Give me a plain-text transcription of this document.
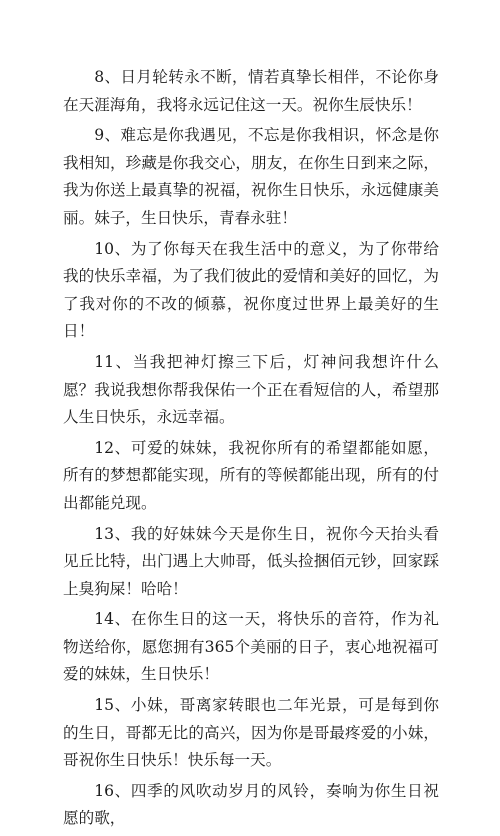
8、日月轮转永不断，情若真挚长相伴，不论你身在天涯海角，我将永远记住这一天。祝你生辰快乐！

9、难忘是你我遇见，不忘是你我相识，怀念是你我相知，珍藏是你我交心，朋友，在你生日到来之际，我为你送上最真挚的祝福，祝你生日快乐，永远健康美丽。妹子，生日快乐，青春永驻！

10、为了你每天在我生活中的意义，为了你带给我的快乐幸福，为了我们彼此的爱情和美好的回忆，为了我对你的不改的倾慕，祝你度过世界上最美好的生日！

11、当我把神灯擦三下后，灯神问我想许什么愿？我说我想你帮我保佑一个正在看短信的人，希望那人生日快乐，永远幸福。

12、可爱的妹妹，我祝你所有的希望都能如愿，所有的梦想都能实现，所有的等候都能出现，所有的付出都能兑现。

13、我的好妹妹今天是你生日，祝你今天抬头看见丘比特，出门遇上大帅哥，低头捡捆佰元钞，回家踩上臭狗屎！哈哈！

14、在你生日的这一天，将快乐的音符，作为礼物送给你，愿您拥有365个美丽的日子，衷心地祝福可爱的妹妹，生日快乐！

15、小妹，哥离家转眼也二年光景，可是每到你的生日，哥都无比的高兴，因为你是哥最疼爱的小妹，哥祝你生日快乐！快乐每一天。

16、四季的风吹动岁月的风铃，奏响为你生日祝愿的歌，
